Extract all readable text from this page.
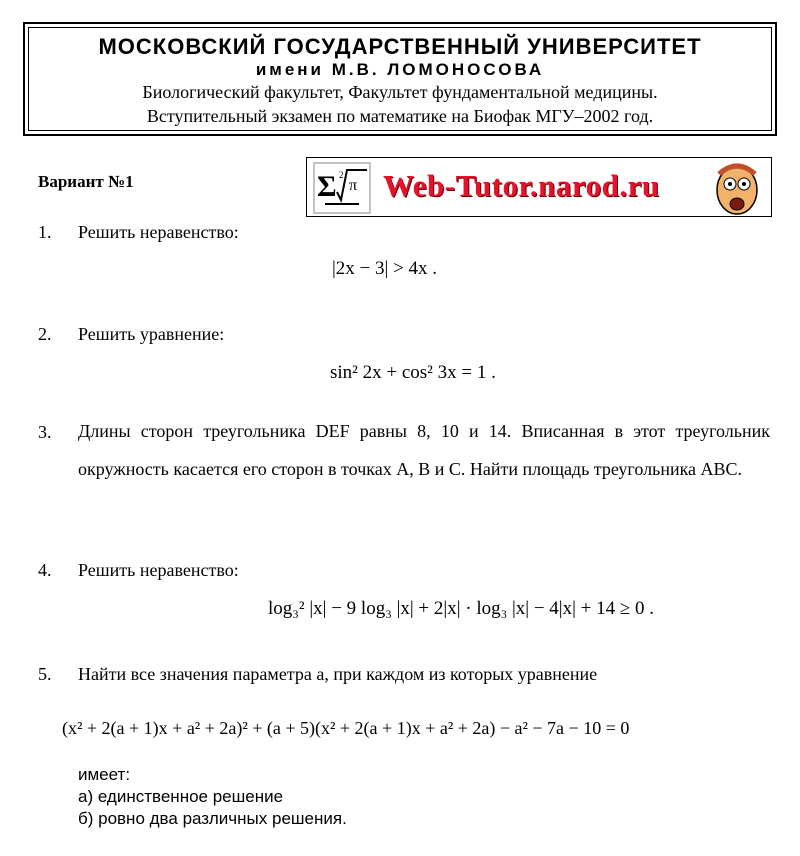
МОСКОВСКИЙ ГОСУДАРСТВЕННЫЙ УНИВЕРСИТЕТ
имени М.В. ЛОМОНОСОВА
Биологический факультет, Факультет фундаментальной медицины.
Вступительный экзамен по математике на Биофак МГУ–2002 год.
Вариант №1	Σ π
2 Web-Tutor.narod.ru
1. Решить неравенство:
|2x − 3| > 4x .
2. Решить уравнение:
sin² 2x + cos² 3x = 1 .
3. Длины сторон треугольника DEF равны 8, 10 и 14. Вписанная в этот треугольник окружность касается его сторон в точках A, B и C. Найти площадь треугольника ABC.
4. Решить неравенство:
log₃² |x| − 9 log₃ |x| + 2|x| · log₃ |x| − 4|x| + 14 ≥ 0 .
5. Найти все значения параметра a, при каждом из которых уравнение
(x² + 2(a + 1)x + a² + 2a)² + (a + 5)(x² + 2(a + 1)x + a² + 2a) − a² − 7a − 10 = 0
имеет:
a) единственное решение
б) ровно два различных решения.
